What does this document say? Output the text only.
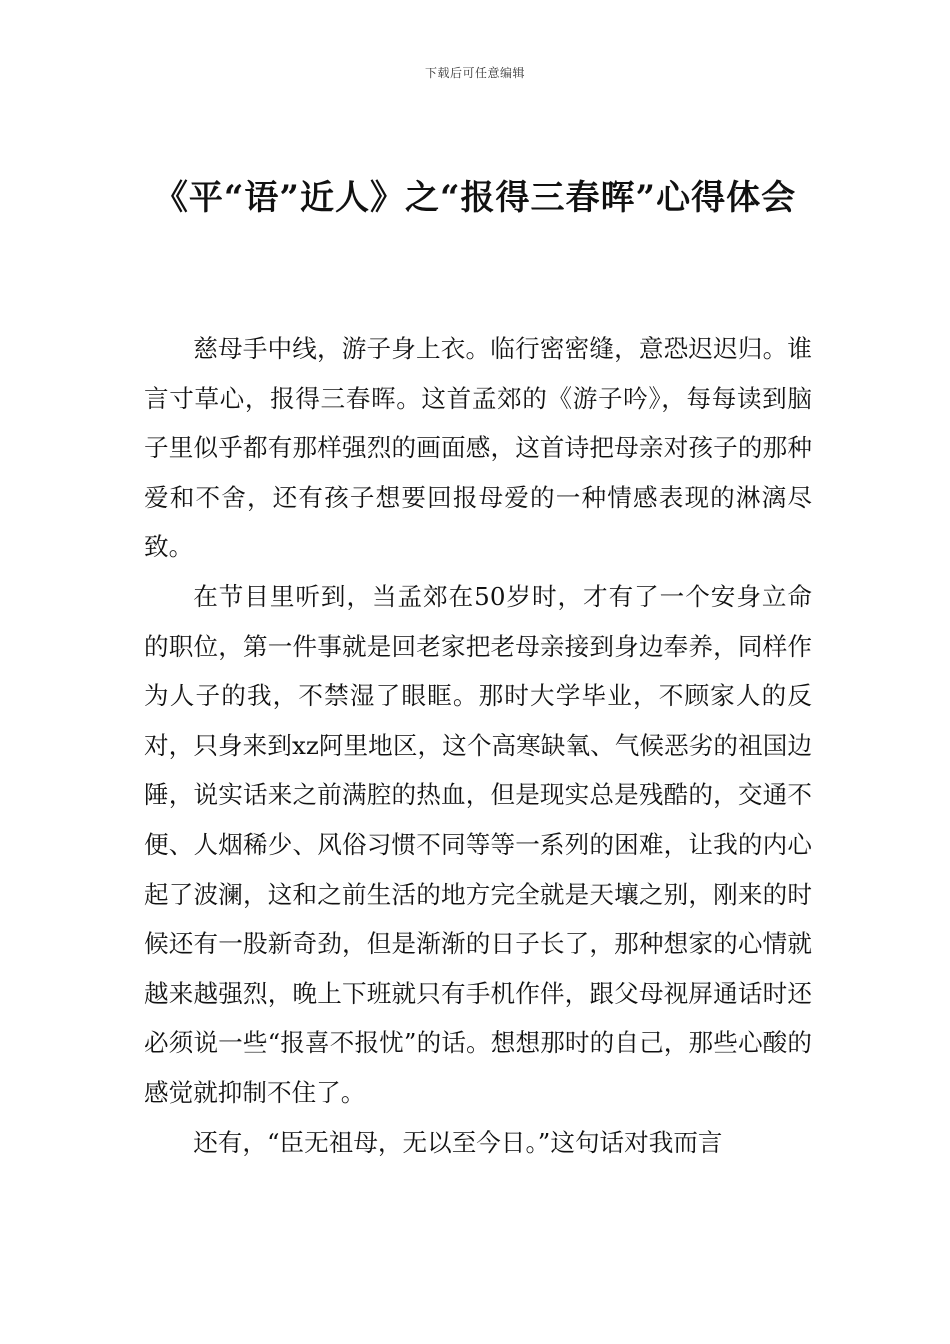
下载后可任意编辑
《平“语”近人》之“报得三春晖”心得体会

慈母手中线，游子身上衣。临行密密缝，意恐迟迟归。谁言寸草心，报得三春晖。这首孟郊的《游子吟》，每每读到脑子里似乎都有那样强烈的画面感，这首诗把母亲对孩子的那种爱和不舍，还有孩子想要回报母爱的一种情感表现的淋漓尽致。

在节目里听到，当孟郊在50岁时，才有了一个安身立命的职位，第一件事就是回老家把老母亲接到身边奉养，同样作为人子的我，不禁湿了眼眶。那时大学毕业，不顾家人的反对，只身来到xz阿里地区，这个高寒缺氧、气候恶劣的祖国边陲，说实话来之前满腔的热血，但是现实总是残酷的，交通不便、人烟稀少、风俗习惯不同等等一系列的困难，让我的内心起了波澜，这和之前生活的地方完全就是天壤之别，刚来的时候还有一股新奇劲，但是渐渐的日子长了，那种想家的心情就越来越强烈，晚上下班就只有手机作伴，跟父母视屏通话时还必须说一些“报喜不报忧”的话。想想那时的自己，那些心酸的感觉就抑制不住了。

还有，“臣无祖母，无以至今日。”这句话对我而言
